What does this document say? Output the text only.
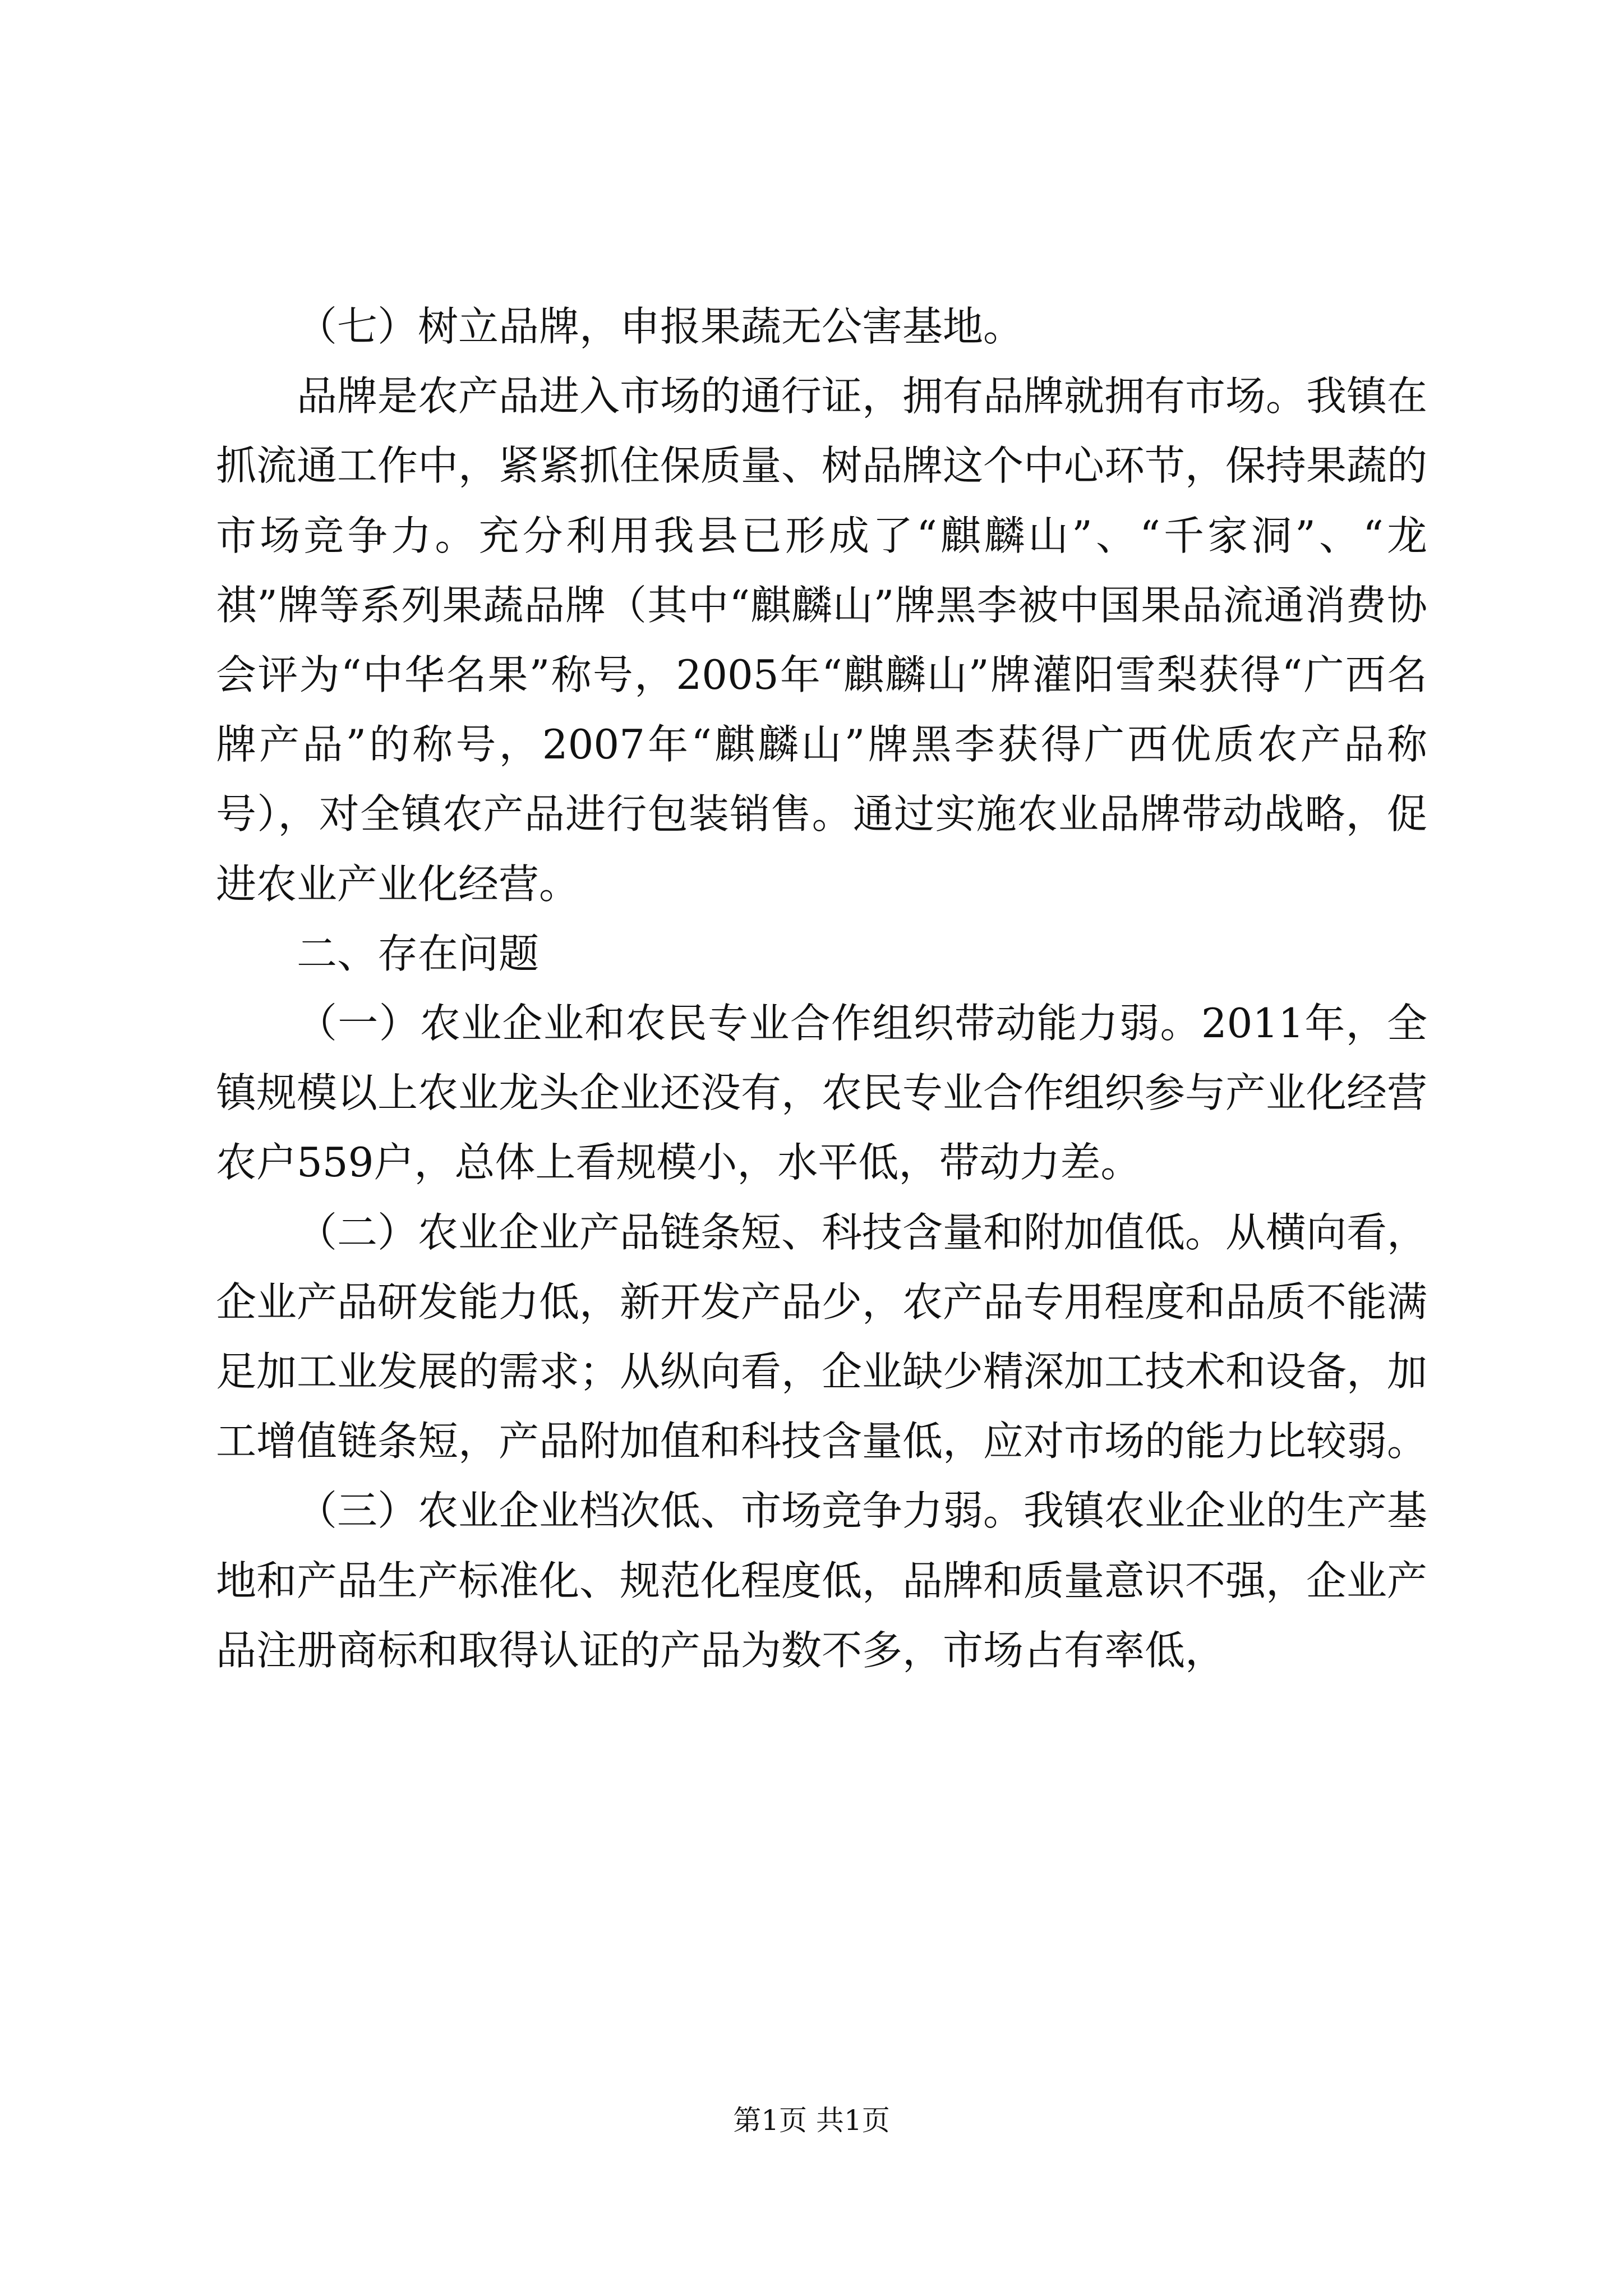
（七）树立品牌，申报果蔬无公害基地。

品牌是农产品进入市场的通行证，拥有品牌就拥有市场。我镇在抓流通工作中，紧紧抓住保质量、树品牌这个中心环节，保持果蔬的市场竞争力。充分利用我县已形成了“麒麟山”、“千家洞”、“龙祺”牌等系列果蔬品牌（其中“麒麟山”牌黑李被中国果品流通消费协会评为“中华名果”称号，2005年“麒麟山”牌灌阳雪梨获得“广西名牌产品”的称号，2007年“麒麟山”牌黑李获得广西优质农产品称号），对全镇农产品进行包装销售。通过实施农业品牌带动战略，促进农业产业化经营。

二、存在问题

（一）农业企业和农民专业合作组织带动能力弱。2011年，全镇规模以上农业龙头企业还没有，农民专业合作组织参与产业化经营农户559户，总体上看规模小，水平低，带动力差。

（二）农业企业产品链条短、科技含量和附加值低。从横向看，企业产品研发能力低，新开发产品少，农产品专用程度和品质不能满足加工业发展的需求；从纵向看，企业缺少精深加工技术和设备，加工增值链条短，产品附加值和科技含量低，应对市场的能力比较弱。

（三）农业企业档次低、市场竞争力弱。我镇农业企业的生产基地和产品生产标准化、规范化程度低，品牌和质量意识不强，企业产品注册商标和取得认证的产品为数不多，市场占有率低，

第1页 共1页
